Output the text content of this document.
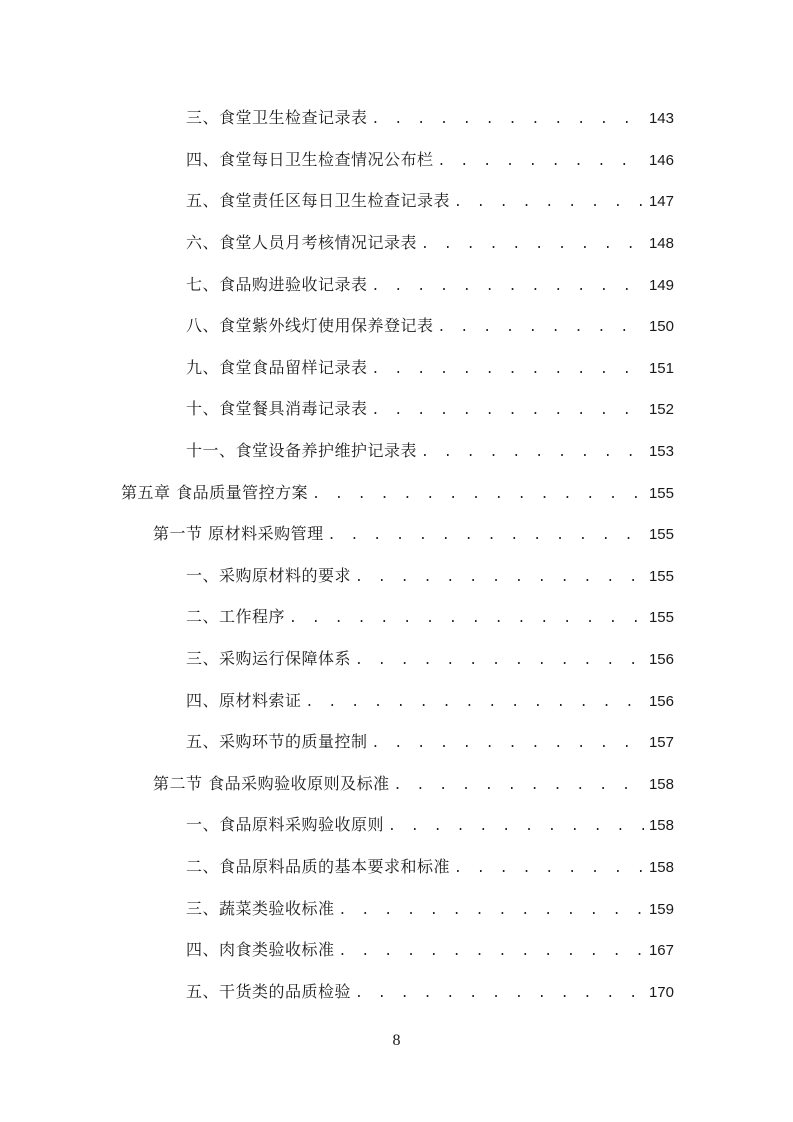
三、食堂卫生检查记录表 . . .	143
四、食堂每日卫生检查情况公布栏 . . .	146
五、食堂责任区每日卫生检查记录表 . . .	147
六、食堂人员月考核情况记录表 . . .	148
七、食品购进验收记录表 . . .	149
八、食堂紫外线灯使用保养登记表 . . .	150
九、食堂食品留样记录表 . . .	151
十、食堂餐具消毒记录表 . . .	152
十一、食堂设备养护维护记录表 . . .	153
第五章 食品质量管控方案 . . .	155
第一节 原材料采购管理 . . .	155
一、采购原材料的要求 . . .	155
二、工作程序 . . .	155
三、采购运行保障体系 . . .	156
四、原材料索证 . . .	156
五、采购环节的质量控制 . . .	157
第二节 食品采购验收原则及标准 . . .	158
一、食品原料采购验收原则 . . .	158
二、食品原料品质的基本要求和标准 . . .	158
三、蔬菜类验收标准 . . .	159
四、肉食类验收标准 . . .	167
五、干货类的品质检验 . . .	170
8
